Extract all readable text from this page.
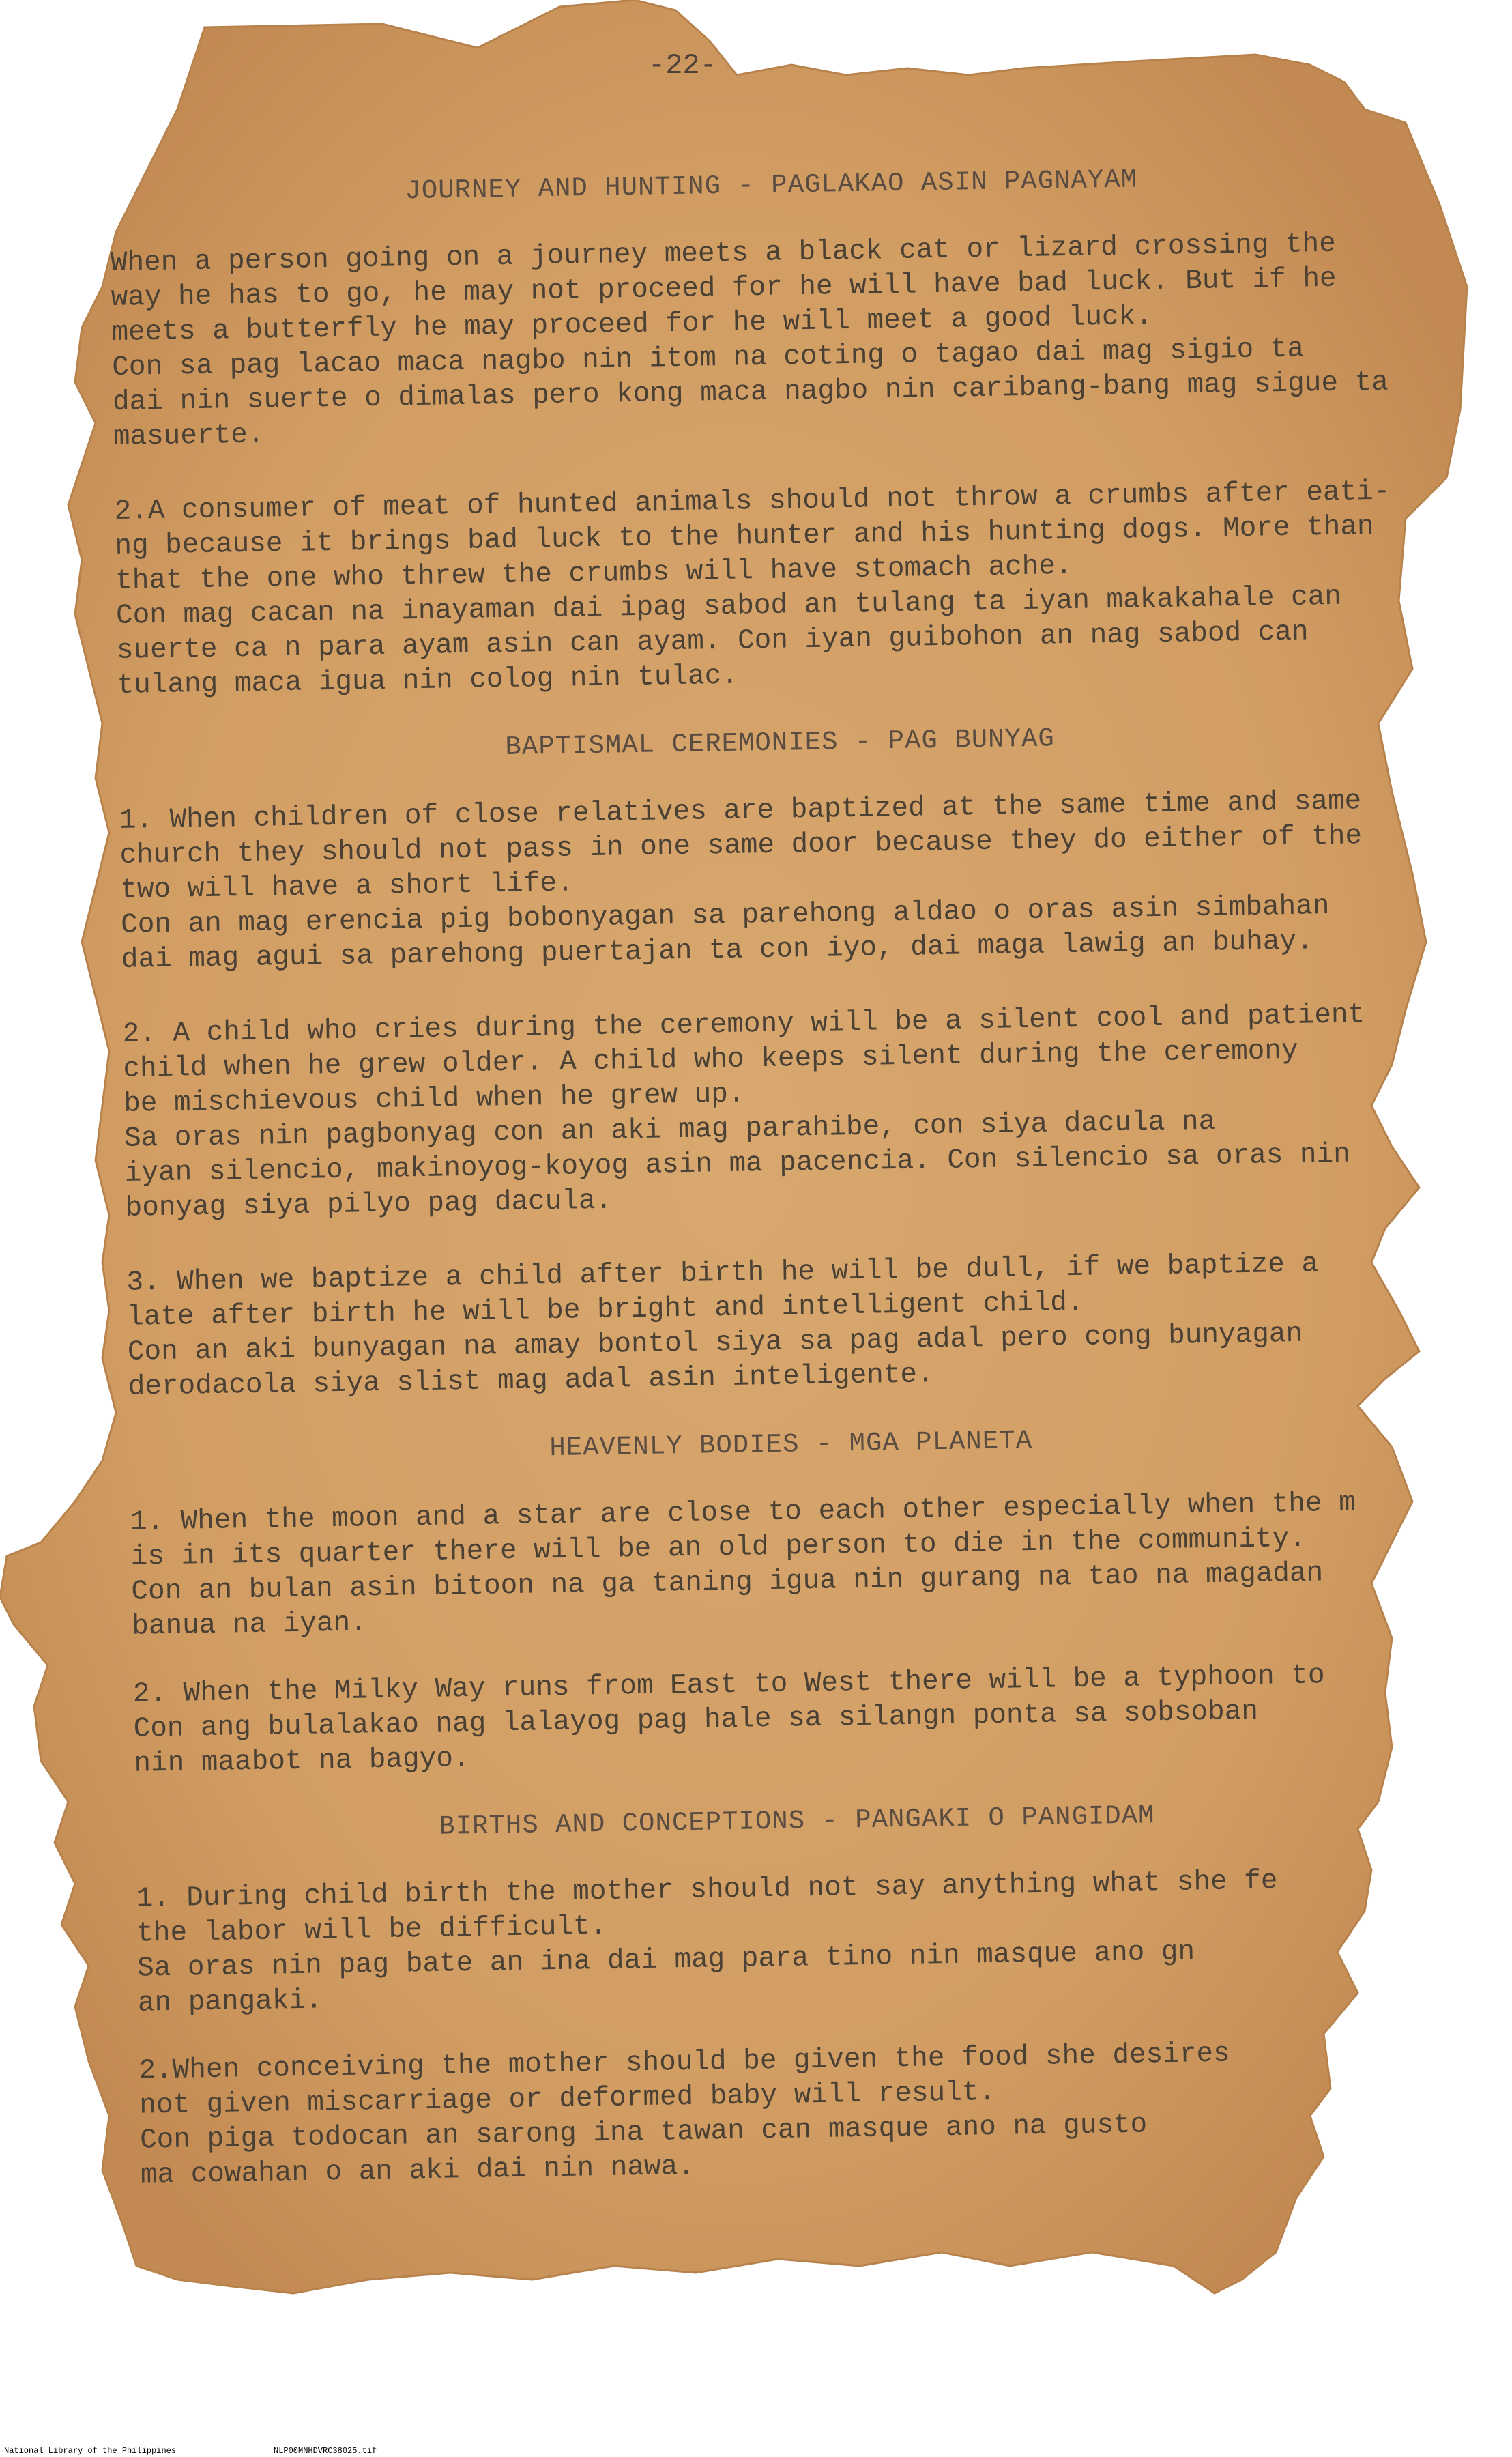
-22-
JOURNEY AND HUNTING - PAGLAKAO ASIN PAGNAYAM

When a person going on a journey meets a black cat or lizard crossing the
way he has to go, he may not proceed for he will have bad luck. But if he
meets a butterfly he may proceed for he will meet a good luck.
Con sa pag lacao maca nagbo nin itom na coting o tagao dai mag sigio ta
dai nin suerte o dimalas pero kong maca nagbo nin caribang-bang mag sigue ta
masuerte.

2.A consumer of meat of hunted animals should not throw a crumbs after eati-
ng because it brings bad luck to the hunter and his hunting dogs. More than
that the one who threw the crumbs will have stomach ache.
Con mag cacan na inayaman dai ipag sabod an tulang ta iyan makakahale can
suerte ca n para ayam asin can ayam. Con iyan guibohon an nag sabod can
tulang maca igua nin colog nin tulac.

BAPTISMAL CEREMONIES - PAG BUNYAG

1. When children of close relatives are baptized at the same time and same
church they should not pass in one same door because they do either of the
two will have a short life.
Con an mag erencia pig bobonyagan sa parehong aldao o oras asin simbahan
dai mag agui sa parehong puertajan ta con iyo, dai maga lawig an buhay.

2. A child who cries during the ceremony will be a silent cool and patient
child when he grew older. A child who keeps silent during the ceremony
be mischievous child when he grew up.
Sa oras nin pagbonyag con an aki mag parahibe, con siya dacula na
iyan silencio, makinoyog-koyog asin ma pacencia. Con silencio sa oras nin
bonyag siya pilyo pag dacula.

3. When we baptize a child after birth he will be dull, if we baptize a
late after birth he will be bright and intelligent child.
Con an aki bunyagan na amay bontol siya sa pag adal pero cong bunyagan
derodacola siya slist mag adal asin inteligente.

HEAVENLY BODIES - MGA PLANETA

1. When the moon and a star are close to each other especially when the m
is in its quarter there will be an old person to die in the community.
Con an bulan asin bitoon na ga taning igua nin gurang na tao na magadan
banua na iyan.

2. When the Milky Way runs from East to West there will be a typhoon to
Con ang bulalakao nag lalayog pag hale sa silangn ponta sa sobsoban
nin maabot na bagyo.

BIRTHS AND CONCEPTIONS - PANGAKI O PANGIDAM

1. During child birth the mother should not say anything what she fe
the labor will be difficult.
Sa oras nin pag bate an ina dai mag para tino nin masque ano gn
an pangaki.

2.When conceiving the mother should be given the food she desires
not given miscarriage or deformed baby will result.
Con piga todocan an sarong ina tawan can masque ano na gusto
ma cowahan o an aki dai nin nawa.

National Library of the Philippines	NLP00MNHDVRC38025.tif
